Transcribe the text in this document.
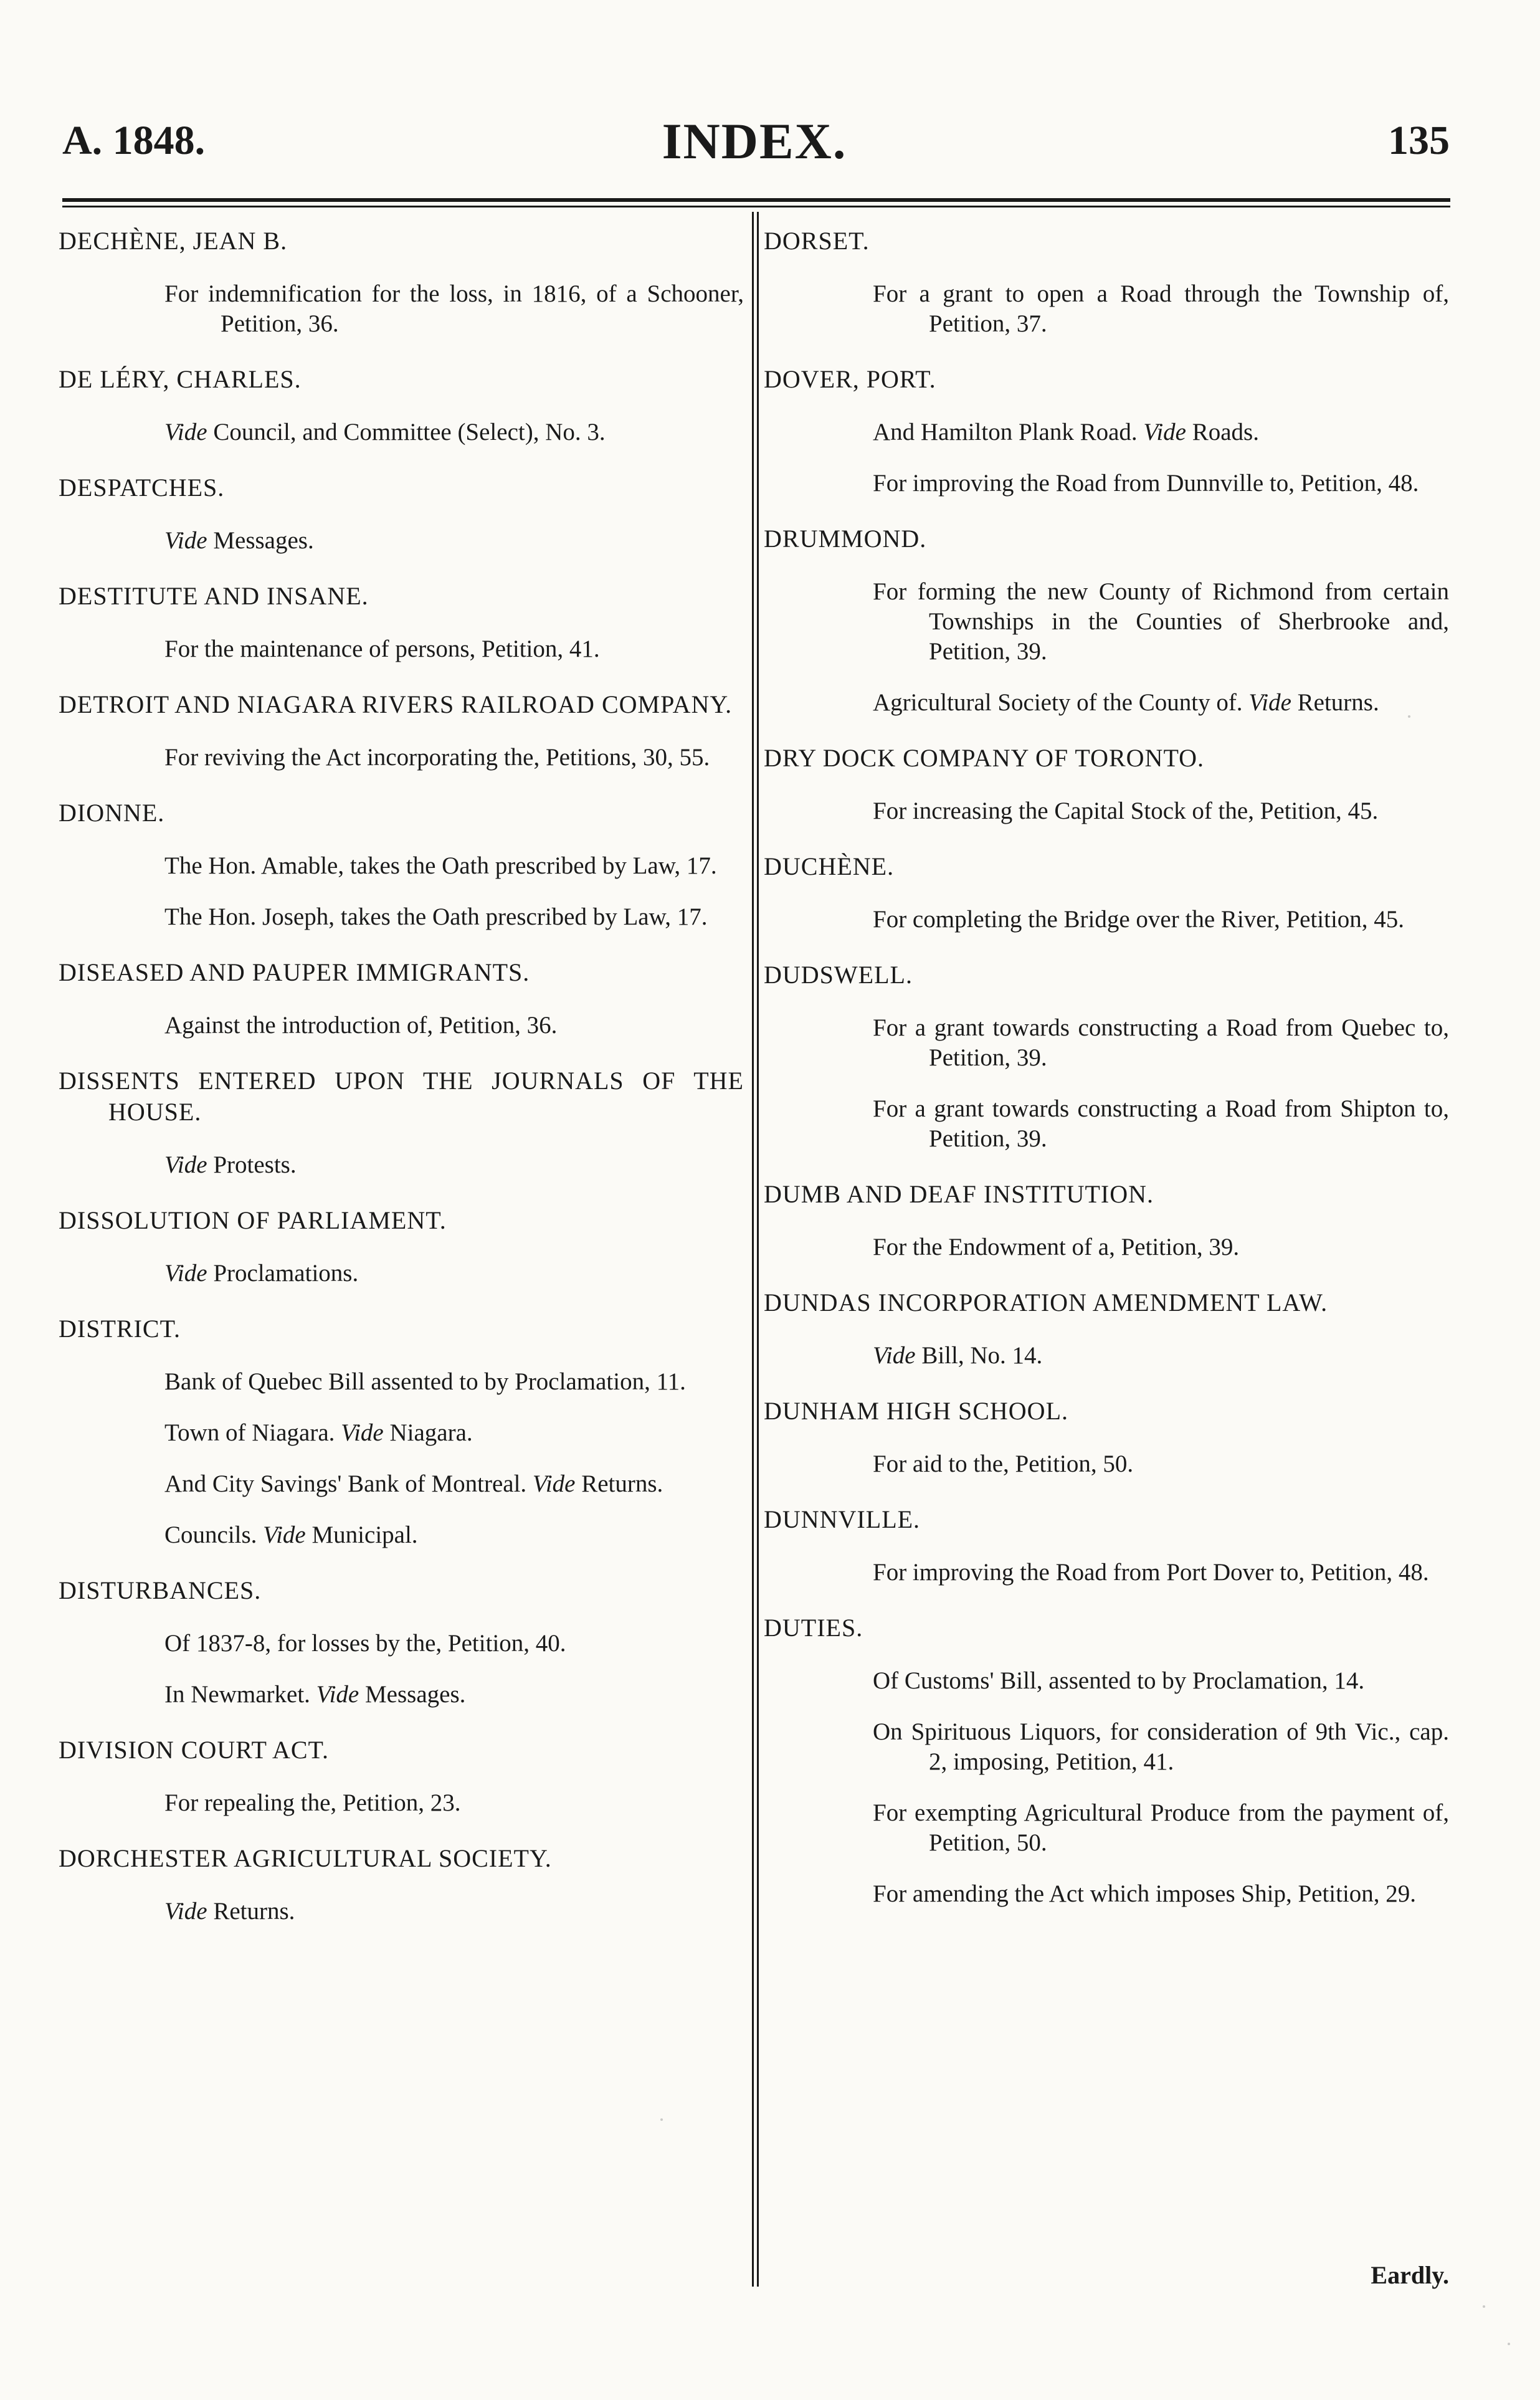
A. 1848.	INDEX.	135
DECHÈNE, JEAN B.
For indemnification for the loss, in 1816, of a Schooner, Petition, 36.
DE LÉRY, CHARLES.
Vide Council, and Committee (Select), No. 3.
DESPATCHES.
Vide Messages.
DESTITUTE AND INSANE.
For the maintenance of persons, Petition, 41.
DETROIT AND NIAGARA RIVERS RAILROAD COMPANY.
For reviving the Act incorporating the, Petitions, 30, 55.
DIONNE.
The Hon. Amable, takes the Oath prescribed by Law, 17.
The Hon. Joseph, takes the Oath prescribed by Law, 17.
DISEASED AND PAUPER IMMIGRANTS.
Against the introduction of, Petition, 36.
DISSENTS ENTERED UPON THE JOURNALS OF THE HOUSE.
Vide Protests.
DISSOLUTION OF PARLIAMENT.
Vide Proclamations.
DISTRICT.
Bank of Quebec Bill assented to by Proclamation, 11.
Town of Niagara. Vide Niagara.
And City Savings' Bank of Montreal. Vide Returns.
Councils. Vide Municipal.
DISTURBANCES.
Of 1837-8, for losses by the, Petition, 40.
In Newmarket. Vide Messages.
DIVISION COURT ACT.
For repealing the, Petition, 23.
DORCHESTER AGRICULTURAL SOCIETY.
Vide Returns.
DORSET.
For a grant to open a Road through the Township of, Petition, 37.
DOVER, PORT.
And Hamilton Plank Road. Vide Roads.
For improving the Road from Dunnville to, Petition, 48.
DRUMMOND.
For forming the new County of Richmond from certain Townships in the Counties of Sherbrooke and, Petition, 39.
Agricultural Society of the County of. Vide Returns.
DRY DOCK COMPANY OF TORONTO.
For increasing the Capital Stock of the, Petition, 45.
DUCHÈNE.
For completing the Bridge over the River, Petition, 45.
DUDSWELL.
For a grant towards constructing a Road from Quebec to, Petition, 39.
For a grant towards constructing a Road from Shipton to, Petition, 39.
DUMB AND DEAF INSTITUTION.
For the Endowment of a, Petition, 39.
DUNDAS INCORPORATION AMENDMENT LAW.
Vide Bill, No. 14.
DUNHAM HIGH SCHOOL.
For aid to the, Petition, 50.
DUNNVILLE.
For improving the Road from Port Dover to, Petition, 48.
DUTIES.
Of Customs' Bill, assented to by Proclamation, 14.
On Spirituous Liquors, for consideration of 9th Vic., cap. 2, imposing, Petition, 41.
For exempting Agricultural Produce from the payment of, Petition, 50.
For amending the Act which imposes Ship, Petition, 29.
Eardly.
